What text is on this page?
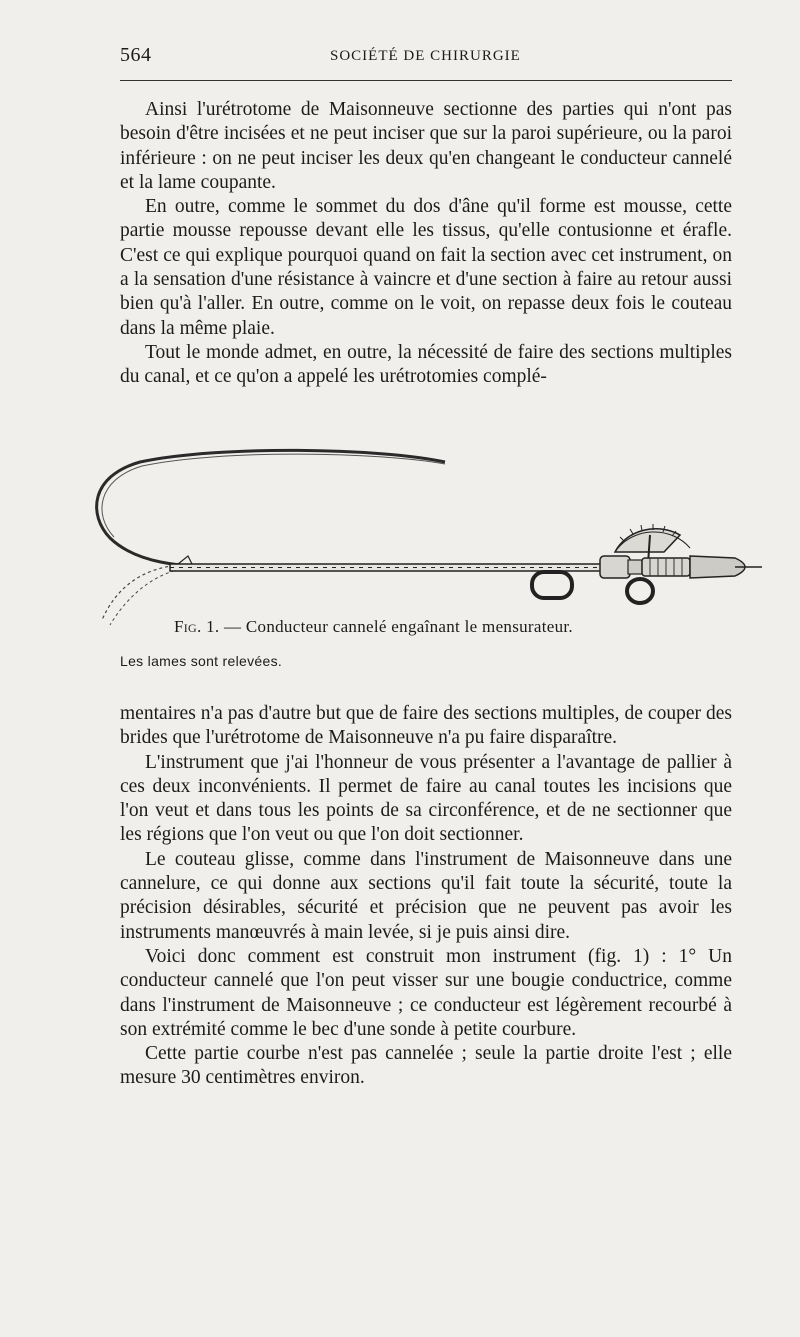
564	SOCIÉTÉ DE CHIRURGIE

Ainsi l'urétrotome de Maisonneuve sectionne des parties qui n'ont pas besoin d'être incisées et ne peut inciser que sur la paroi supérieure, ou la paroi inférieure : on ne peut inciser les deux qu'en changeant le conducteur cannelé et la lame coupante.

En outre, comme le sommet du dos d'âne qu'il forme est mousse, cette partie mousse repousse devant elle les tissus, qu'elle contusionne et érafle. C'est ce qui explique pourquoi quand on fait la section avec cet instrument, on a la sensation d'une résistance à vaincre et d'une section à faire au retour aussi bien qu'à l'aller. En outre, comme on le voit, on repasse deux fois le couteau dans la même plaie.

Tout le monde admet, en outre, la nécessité de faire des sections multiples du canal, et ce qu'on a appelé les urétrotomies complé-

Fig. 1. — Conducteur cannelé engaînant le mensurateur.
Les lames sont relevées.

mentaires n'a pas d'autre but que de faire des sections multiples, de couper des brides que l'urétrotome de Maisonneuve n'a pu faire disparaître.

L'instrument que j'ai l'honneur de vous présenter a l'avantage de pallier à ces deux inconvénients. Il permet de faire au canal toutes les incisions que l'on veut et dans tous les points de sa circonférence, et de ne sectionner que les régions que l'on veut ou que l'on doit sectionner.

Le couteau glisse, comme dans l'instrument de Maisonneuve dans une cannelure, ce qui donne aux sections qu'il fait toute la sécurité, toute la précision désirables, sécurité et précision que ne peuvent pas avoir les instruments manœuvrés à main levée, si je puis ainsi dire.

Voici donc comment est construit mon instrument (fig. 1) : 1° Un conducteur cannelé que l'on peut visser sur une bougie conductrice, comme dans l'instrument de Maisonneuve ; ce conducteur est légèrement recourbé à son extrémité comme le bec d'une sonde à petite courbure.

Cette partie courbe n'est pas cannelée ; seule la partie droite l'est ; elle mesure 30 centimètres environ.
